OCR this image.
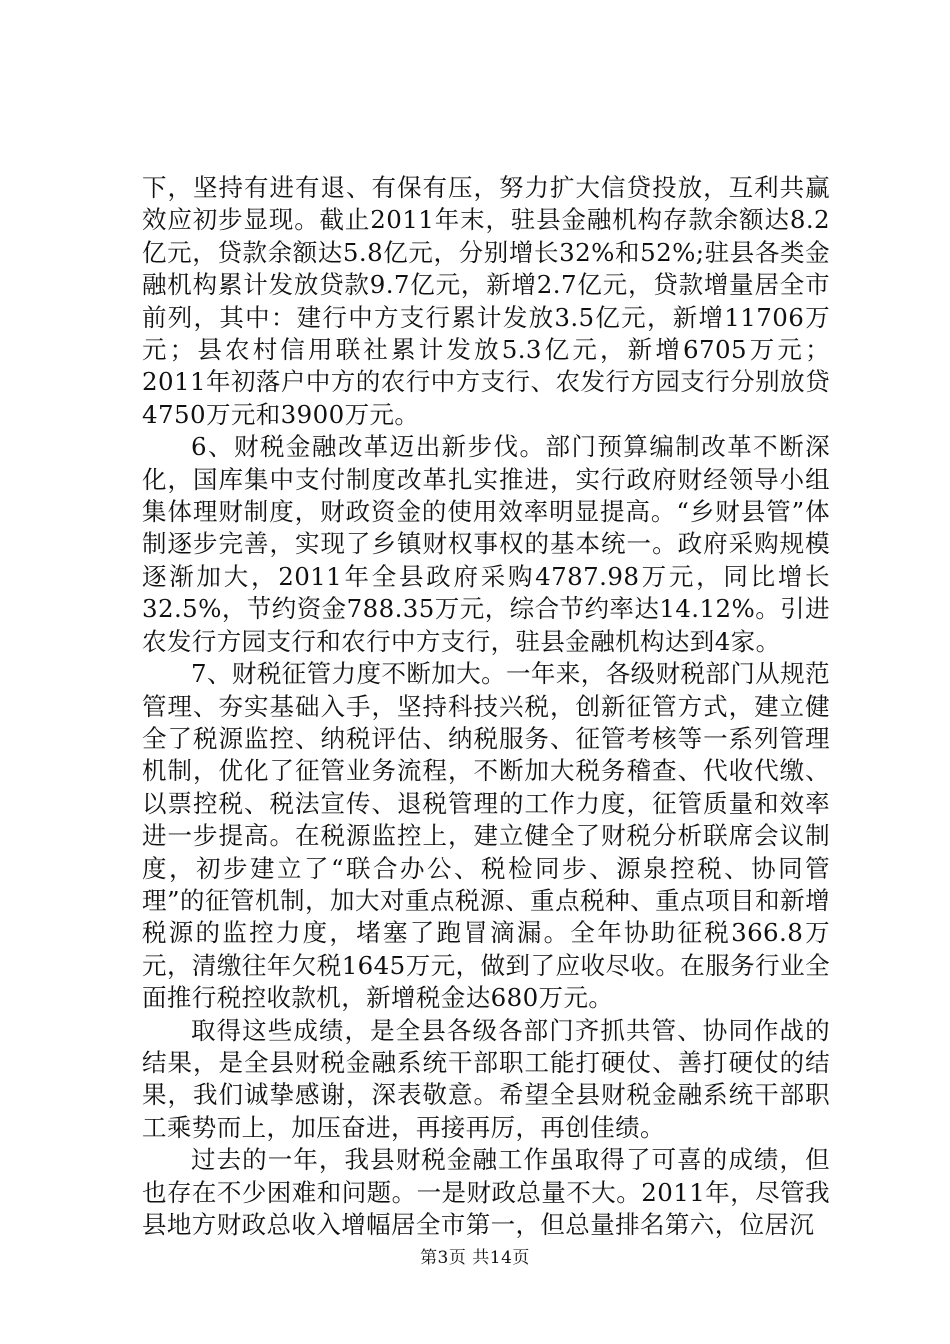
下，坚持有进有退、有保有压，努力扩大信贷投放，互利共赢效应初步显现。截止2011年末，驻县金融机构存款余额达8.2亿元，贷款余额达5.8亿元，分别增长32%和52%;驻县各类金融机构累计发放贷款9.7亿元，新增2.7亿元，贷款增量居全市前列，其中：建行中方支行累计发放3.5亿元，新增11706万元；县农村信用联社累计发放5.3亿元，新增6705万元；2011年初落户中方的农行中方支行、农发行方园支行分别放贷4750万元和3900万元。

6、财税金融改革迈出新步伐。部门预算编制改革不断深化，国库集中支付制度改革扎实推进，实行政府财经领导小组集体理财制度，财政资金的使用效率明显提高。“乡财县管”体制逐步完善，实现了乡镇财权事权的基本统一。政府采购规模逐渐加大，2011年全县政府采购4787.98万元，同比增长32.5%，节约资金788.35万元，综合节约率达14.12%。引进农发行方园支行和农行中方支行，驻县金融机构达到4家。

7、财税征管力度不断加大。一年来，各级财税部门从规范管理、夯实基础入手，坚持科技兴税，创新征管方式，建立健全了税源监控、纳税评估、纳税服务、征管考核等一系列管理机制，优化了征管业务流程，不断加大税务稽查、代收代缴、以票控税、税法宣传、退税管理的工作力度，征管质量和效率进一步提高。在税源监控上，建立健全了财税分析联席会议制度，初步建立了“联合办公、税检同步、源泉控税、协同管理”的征管机制，加大对重点税源、重点税种、重点项目和新增税源的监控力度，堵塞了跑冒滴漏。全年协助征税366.8万元，清缴往年欠税1645万元，做到了应收尽收。在服务行业全面推行税控收款机，新增税金达680万元。

取得这些成绩，是全县各级各部门齐抓共管、协同作战的结果，是全县财税金融系统干部职工能打硬仗、善打硬仗的结果，我们诚挚感谢，深表敬意。希望全县财税金融系统干部职工乘势而上，加压奋进，再接再厉，再创佳绩。

过去的一年，我县财税金融工作虽取得了可喜的成绩，但也存在不少困难和问题。一是财政总量不大。2011年，尽管我县地方财政总收入增幅居全市第一，但总量排名第六，位居沉

第3页 共14页
